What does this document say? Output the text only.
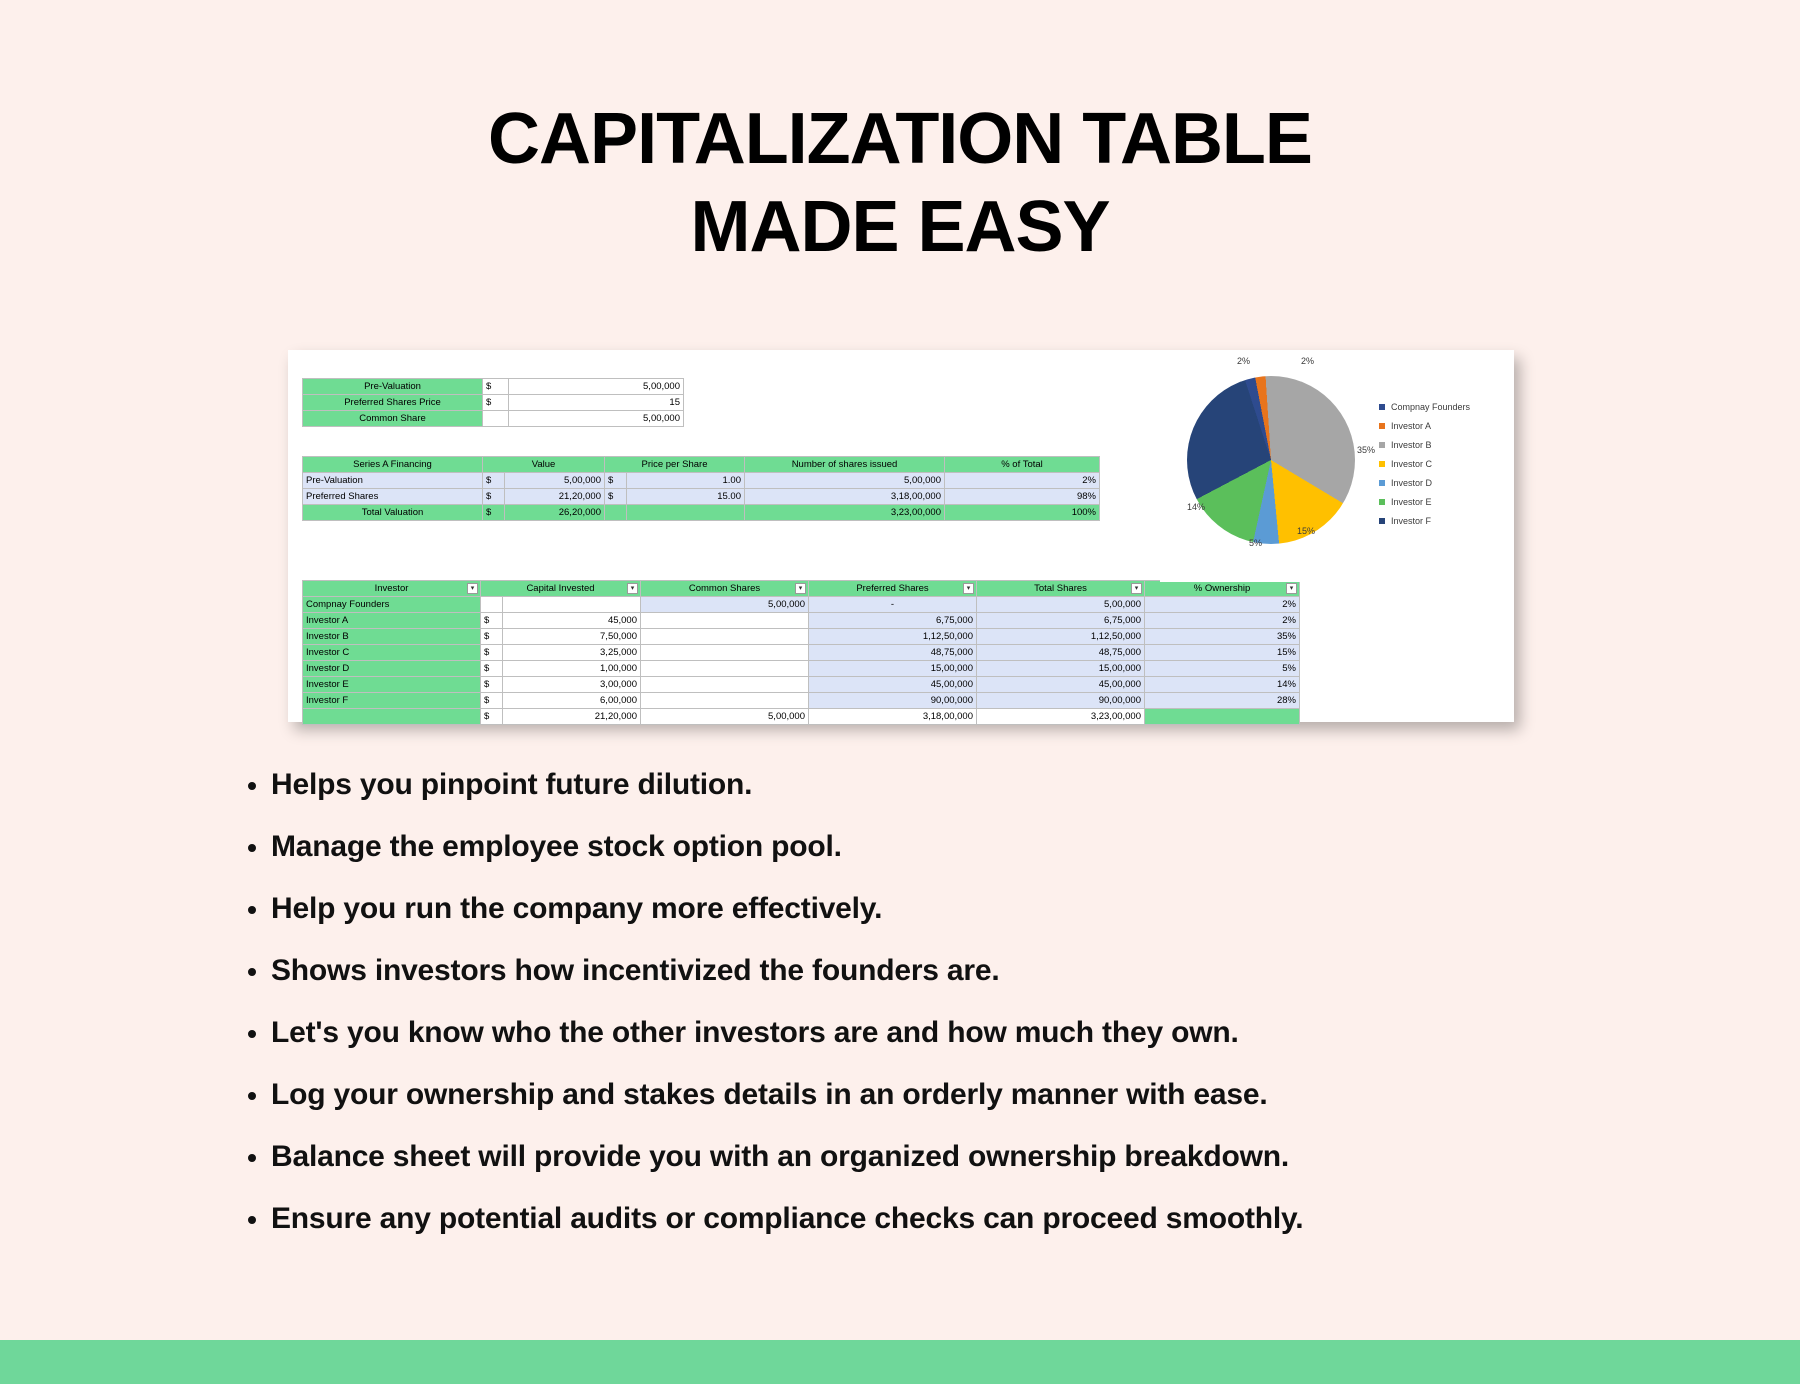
CAPITALIZATION TABLE
MADE EASY
Pre-Valuation	$	5,00,000
Preferred Shares Price	$	15
Common Share		5,00,000
Series A Financing	Value		Price per Share		Number of shares issued	% of Total
Pre-Valuation	$	5,00,000	$	1.00	5,00,000	2%
Preferred Shares	$	21,20,000	$	15.00	3,18,00,000	98%
Total Valuation	$	26,20,000			3,23,00,000	100%
Investor ▾	Capital Invested ▾		Common Shares ▾	Preferred Shares ▾	Total Shares ▾	% Ownership ▾

Compnay Founders			5,00,000	-	5,00,000	2%
Investor A	$	45,000		6,75,000	6,75,000	2%
Investor B	$	7,50,000		1,12,50,000	1,12,50,000	35%
Investor C	$	3,25,000		48,75,000	48,75,000	15%
Investor D	$	1,00,000		15,00,000	15,00,000	5%
Investor E	$	3,00,000		45,00,000	45,00,000	14%
Investor F	$	6,00,000		90,00,000	90,00,000	28%
	$	21,20,000	5,00,000	3,18,00,000	3,23,00,000	
2%	2%
35%
15%
5%
14%
Compnay Founders
Investor A
Investor B
Investor C
Investor D
Investor E
Investor F
• Helps you pinpoint future dilution.
• Manage the employee stock option pool.
• Help you run the company more effectively.
• Shows investors how incentivized the founders are.
• Let's you know who the other investors are and how much they own.
• Log your ownership and stakes details in an orderly manner with ease.
• Balance sheet will provide you with an organized ownership breakdown.
• Ensure any potential audits or compliance checks can proceed smoothly.
